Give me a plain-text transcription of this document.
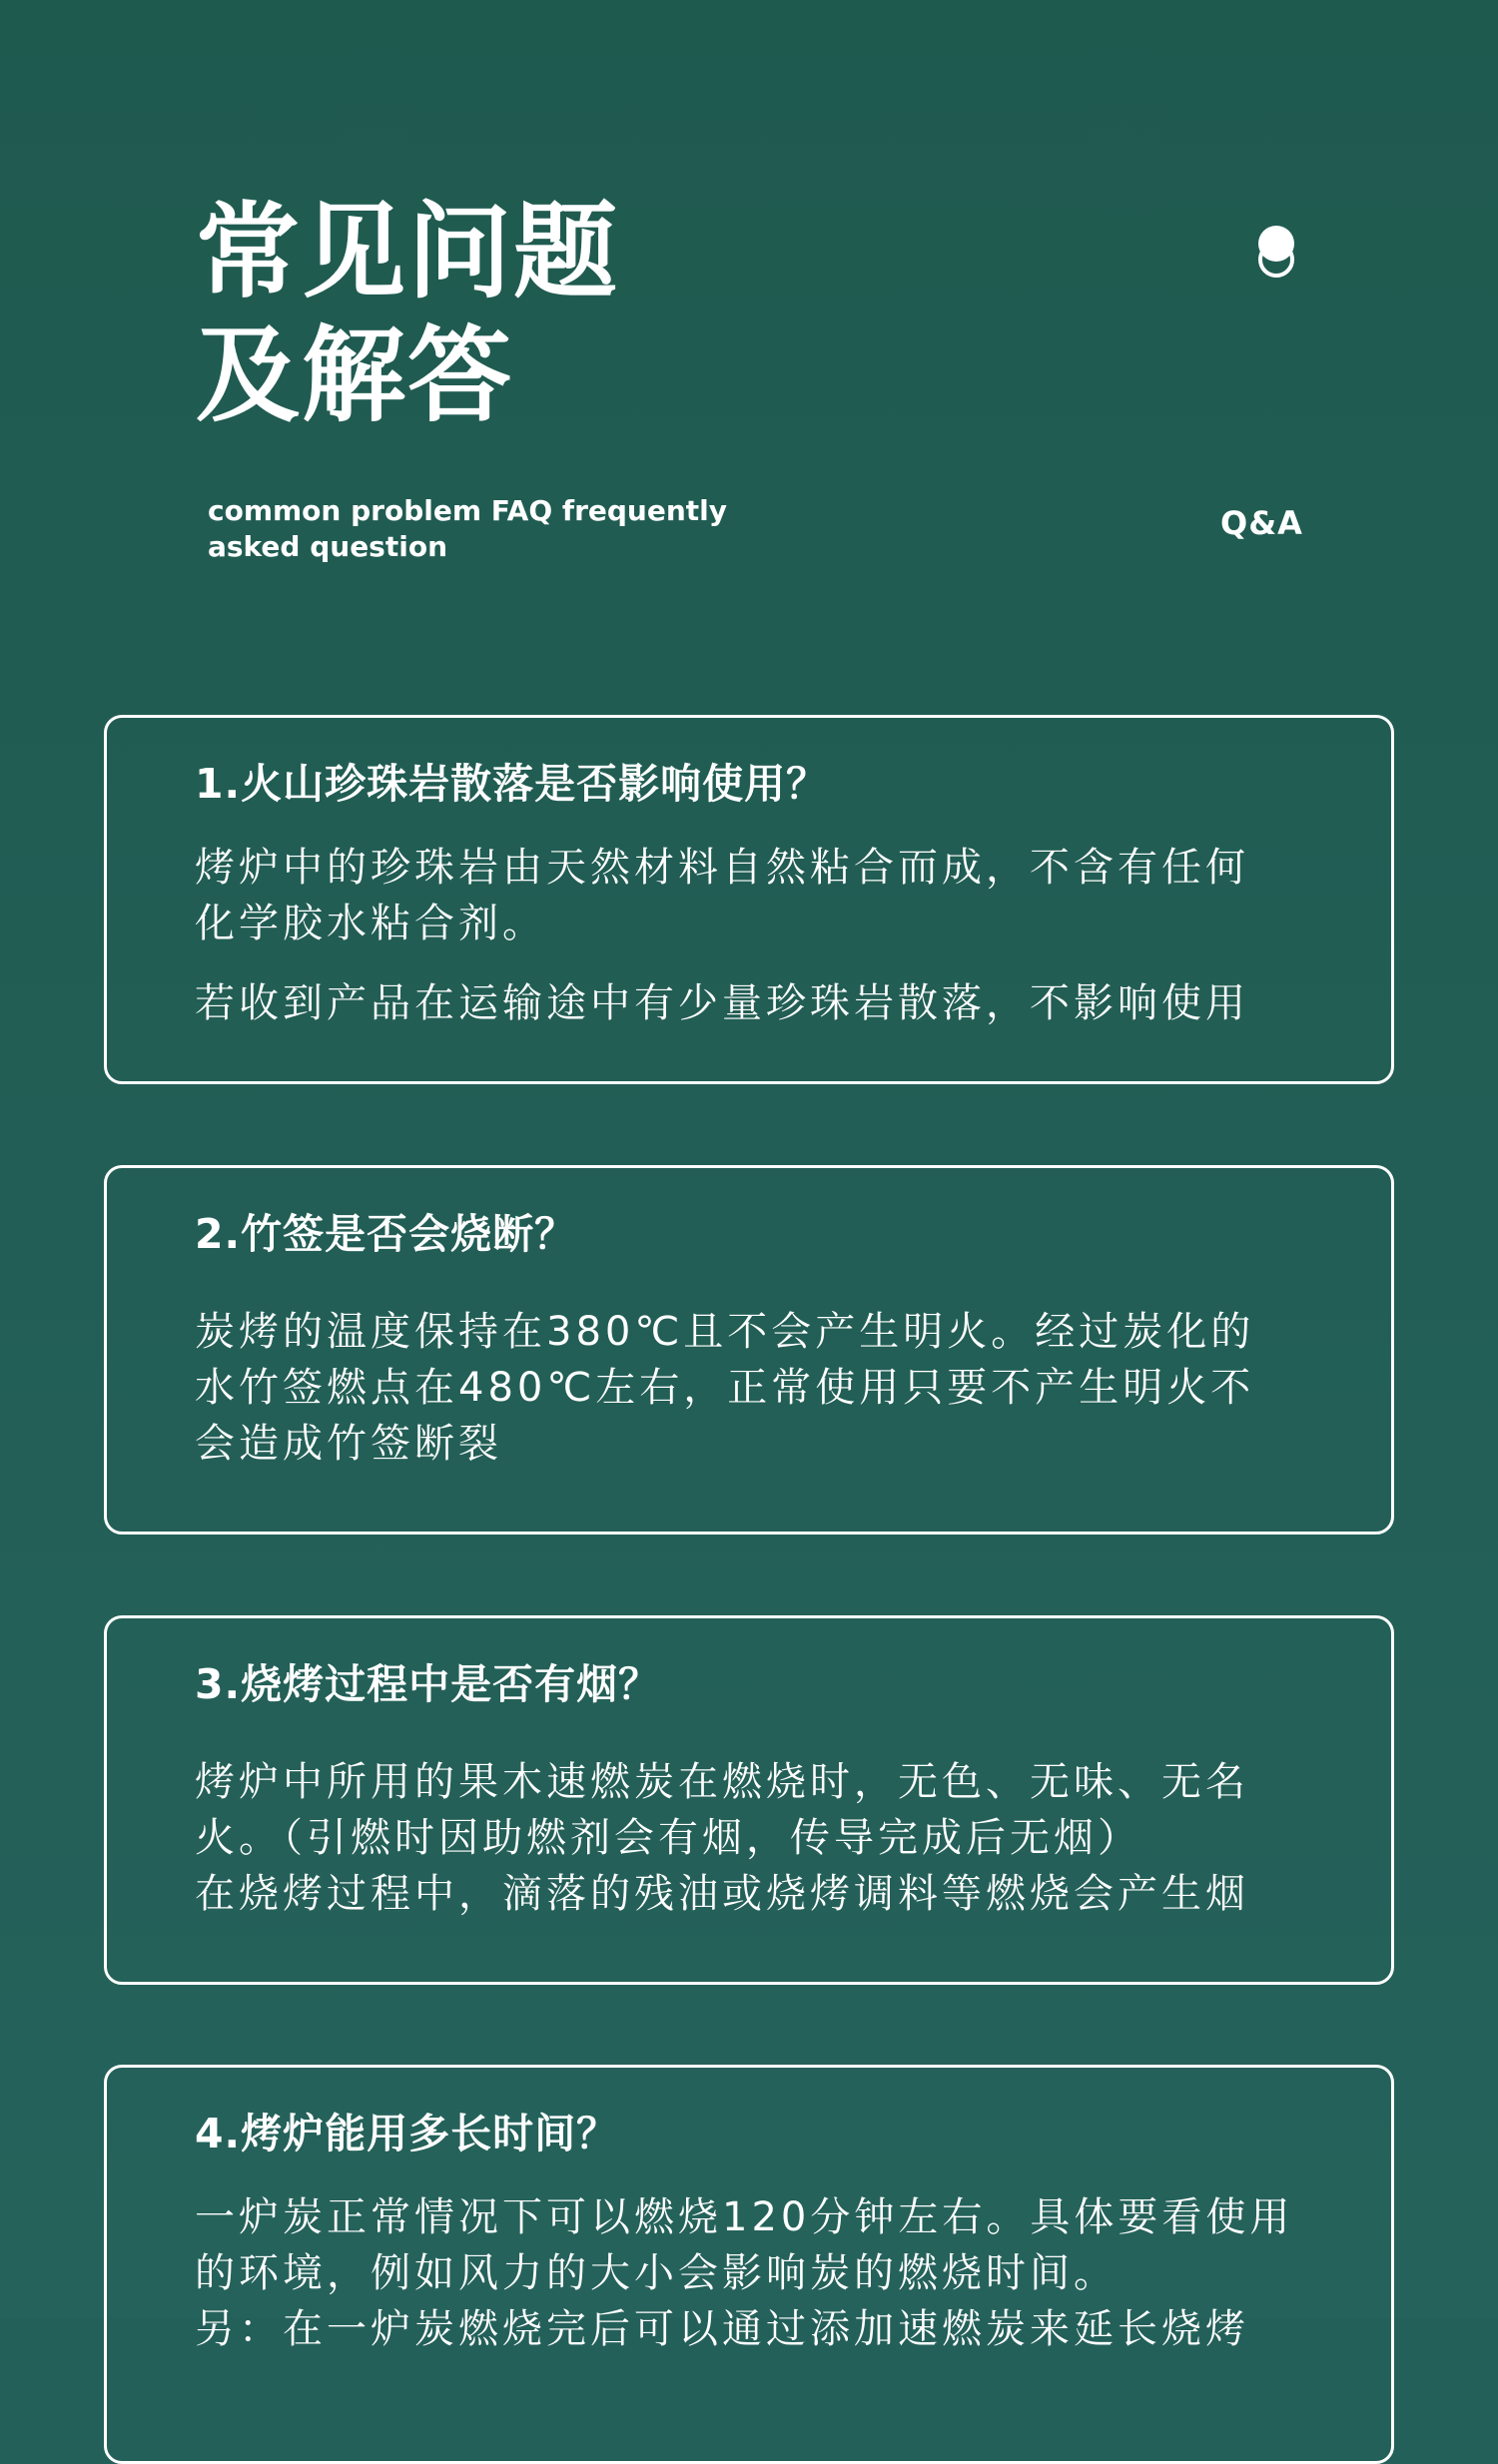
常见问题
及解答
common problem FAQ frequently
asked question
Q&A
1.火山珍珠岩散落是否影响使用？

烤炉中的珍珠岩由天然材料自然粘合而成，不含有任何

化学胶水粘合剂。

若收到产品在运输途中有少量珍珠岩散落，不影响使用

2.竹签是否会烧断？

炭烤的温度保持在380℃且不会产生明火。经过炭化的

水竹签燃点在480℃左右，正常使用只要不产生明火不

会造成竹签断裂

3.烧烤过程中是否有烟？

烤炉中所用的果木速燃炭在燃烧时，无色、无味、无名

火。（引燃时因助燃剂会有烟，传导完成后无烟）

在烧烤过程中，滴落的残油或烧烤调料等燃烧会产生烟

4.烤炉能用多长时间？

一炉炭正常情况下可以燃烧120分钟左右。具体要看使用

的环境，例如风力的大小会影响炭的燃烧时间。

另：在一炉炭燃烧完后可以通过添加速燃炭来延长烧烤
